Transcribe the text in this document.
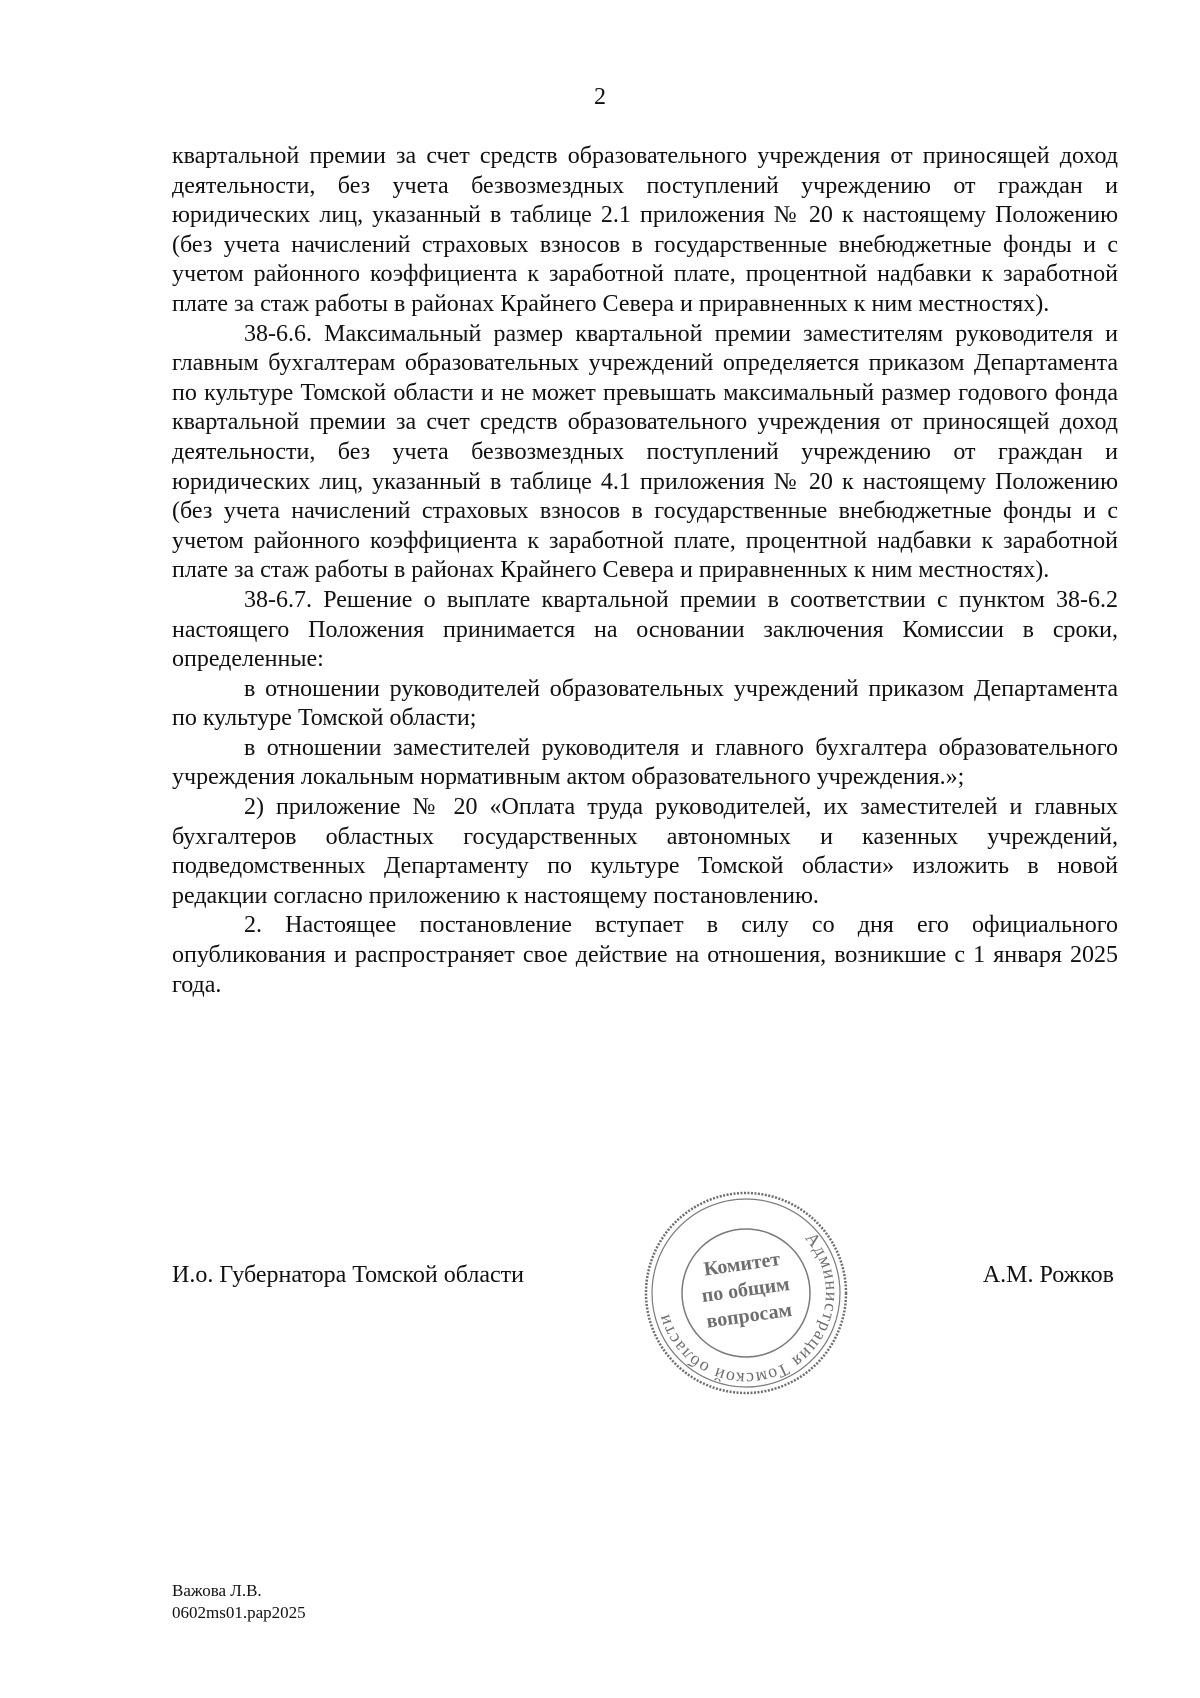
2

квартальной премии за счет средств образовательного учреждения от приносящей доход деятельности, без учета безвозмездных поступлений учреждению от граждан и юридических лиц, указанный в таблице 2.1 приложения № 20 к настоящему Положению (без учета начислений страховых взносов в государственные внебюджетные фонды и с учетом районного коэффициента к заработной плате, процентной надбавки к заработной плате за стаж работы в районах Крайнего Севера и приравненных к ним местностях).

38-6.6. Максимальный размер квартальной премии заместителям руководителя и главным бухгалтерам образовательных учреждений определяется приказом Департамента по культуре Томской области и не может превышать максимальный размер годового фонда квартальной премии за счет средств образовательного учреждения от приносящей доход деятельности, без учета безвозмездных поступлений учреждению от граждан и юридических лиц, указанный в таблице 4.1 приложения № 20 к настоящему Положению (без учета начислений страховых взносов в государственные внебюджетные фонды и с учетом районного коэффициента к заработной плате, процентной надбавки к заработной плате за стаж работы в районах Крайнего Севера и приравненных к ним местностях).

38-6.7. Решение о выплате квартальной премии в соответствии с пунктом 38-6.2 настоящего Положения принимается на основании заключения Комиссии в сроки, определенные:

в отношении руководителей образовательных учреждений приказом Департамента по культуре Томской области;

в отношении заместителей руководителя и главного бухгалтера образовательного учреждения локальным нормативным актом образовательного учреждения.»;

2) приложение № 20 «Оплата труда руководителей, их заместителей и главных бухгалтеров областных государственных автономных и казенных учреждений, подведомственных Департаменту по культуре Томской области» изложить в новой редакции согласно приложению к настоящему постановлению.

2. Настоящее постановление вступает в силу со дня его официального опубликования и распространяет свое действие на отношения, возникшие с 1 января 2025 года.

И.о. Губернатора Томской области	А.М. Рожков
Администрация Томской области
Комитет
по общим
вопросам
Важова Л.В.
0602ms01.pap2025
